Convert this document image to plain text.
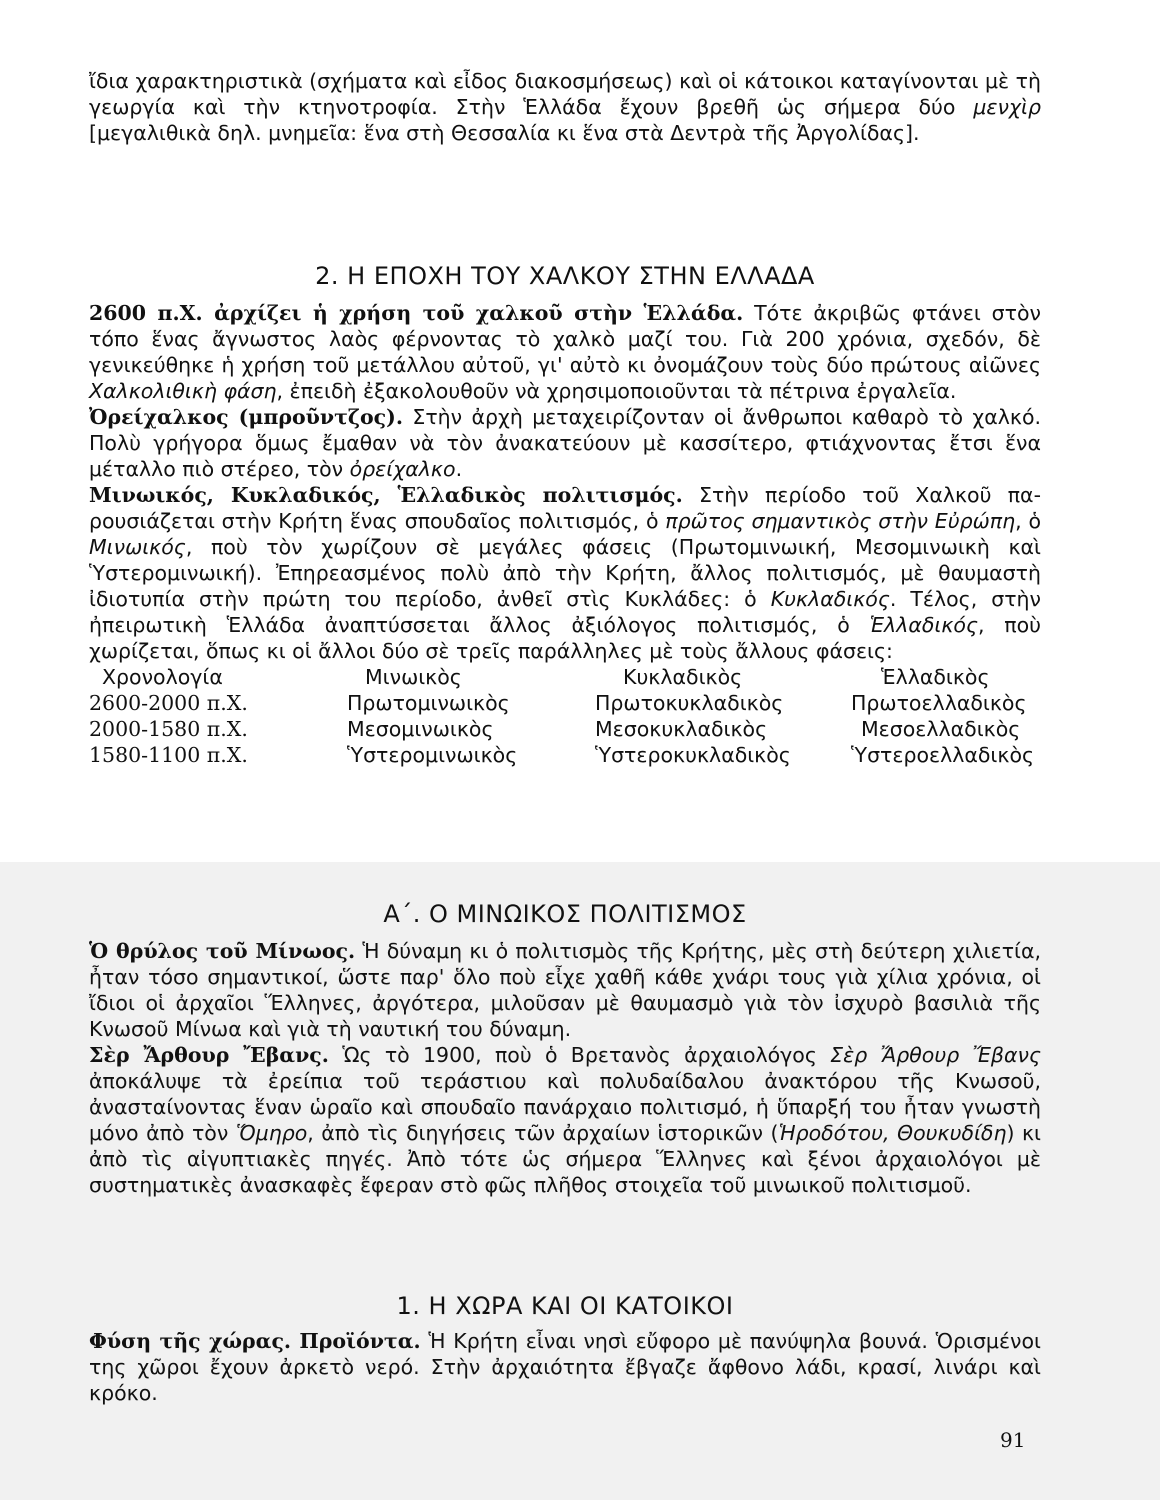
ἴδια χαρακτηριστικὰ (σχήματα καὶ εἶδος διακοσμήσεως) καὶ οἱ κάτοικοι καταγίνονται μὲ τὴ γεωργία καὶ τὴν κτηνοτροφία. Στὴν Ἑλλάδα ἔχουν βρεθῆ ὡς σήμερα δύο μενχὶρ [μεγαλιθικὰ δηλ. μνημεῖα: ἕνα στὴ Θεσσαλία κι ἕνα στὰ Δεντρὰ τῆς Ἀργολίδας].

2. Η ΕΠΟΧΗ ΤΟΥ ΧΑΛΚΟΥ ΣΤΗΝ ΕΛΛΑΔΑ

2600 π.Χ. ἀρχίζει ἡ χρήση τοῦ χαλκοῦ στὴν Ἑλλάδα. Τότε ἀκριβῶς φτάνει στὸν τόπο ἕνας ἄγνωστος λαὸς φέρνοντας τὸ χαλκὸ μαζί του. Γιὰ 200 χρόνια, σχεδόν, δὲ γενικεύθηκε ἡ χρήση τοῦ μετάλλου αὐτοῦ, γι' αὐτὸ κι ὀνομάζουν τοὺς δύο πρώτους αἰῶνες Χαλκολιθικὴ φάση, ἐπειδὴ ἐξακολουθοῦν νὰ χρησιμοποιοῦνται τὰ πέτρινα ἐργαλεῖα.

Ὀρείχαλκος (μπροῦντζος). Στὴν ἀρχὴ μεταχειρίζονταν οἱ ἄνθρωποι καθαρὸ τὸ χαλκό. Πολὺ γρήγορα ὅμως ἔμαθαν νὰ τὸν ἀνακατεύουν μὲ κασσίτερο, φτιάχνοντας ἔτσι ἕνα μέταλλο πιὸ στέρεο, τὸν ὀρείχαλκο.

Μινωικός, Κυκλαδικός, Ἑλλαδικὸς πολιτισμός. Στὴν περίοδο τοῦ Χαλκοῦ παρουσιάζεται στὴν Κρήτη ἕνας σπουδαῖος πολιτισμός, ὁ πρῶτος σημαντικὸς στὴν Εὐρώπη, ὁ Μινωικός, ποὺ τὸν χωρίζουν σὲ μεγάλες φάσεις (Πρωτομινωική, Μεσομινωικὴ καὶ Ὑστερομινωική). Ἐπηρεασμένος πολὺ ἀπὸ τὴν Κρήτη, ἄλλος πολιτισμός, μὲ θαυμαστὴ ἰδιοτυπία στὴν πρώτη του περίοδο, ἀνθεῖ στὶς Κυκλάδες: ὁ Κυκλαδικός. Τέλος, στὴν ἠπειρωτικὴ Ἑλλάδα ἀναπτύσσεται ἄλλος ἀξιόλογος πολιτισμός, ὁ Ἑλλαδικός, ποὺ χωρίζεται, ὅπως κι οἱ ἄλλοι δύο σὲ τρεῖς παράλληλες μὲ τοὺς ἄλλους φάσεις:

Χρονολογία	Μινωικὸς	Κυκλαδικὸς	Ἑλλαδικὸς
2600-2000 π.Χ.	Πρωτομινωικὸς	Πρωτοκυκλαδικὸς	Πρωτοελλαδικὸς
2000-1580 π.Χ.	Μεσομινωικὸς	Μεσοκυκλαδικὸς	Μεσοελλαδικὸς
1580-1100 π.Χ.	Ὑστερομινωικὸς	Ὑστεροκυκλαδικὸς	Ὑστεροελλαδικὸς
Α΄. Ο ΜΙΝΩΙΚΟΣ ΠΟΛΙΤΙΣΜΟΣ

Ὁ θρύλος τοῦ Μίνωος. Ἡ δύναμη κι ὁ πολιτισμὸς τῆς Κρήτης, μὲς στὴ δεύτερη χιλιετία, ἦταν τόσο σημαντικοί, ὥστε παρ' ὅλο ποὺ εἶχε χαθῆ κάθε χνάρι τους γιὰ χίλια χρόνια, οἱ ἴδιοι οἱ ἀρχαῖοι Ἕλληνες, ἀργότερα, μιλοῦσαν μὲ θαυμασμὸ γιὰ τὸν ἰσχυρὸ βασιλιὰ τῆς Κνωσοῦ Μίνωα καὶ γιὰ τὴ ναυτική του δύναμη.

Σὲρ Ἄρθουρ Ἔβανς. Ὡς τὸ 1900, ποὺ ὁ Βρετανὸς ἀρχαιολόγος Σὲρ Ἄρθουρ Ἔβανς ἀποκάλυψε τὰ ἐρείπια τοῦ τεράστιου καὶ πολυδαίδαλου ἀνακτόρου τῆς Κνωσοῦ, ἀνασταίνοντας ἕναν ὡραῖο καὶ σπουδαῖο πανάρχαιο πολιτισμό, ἡ ὕπαρξή του ἦταν γνωστὴ μόνο ἀπὸ τὸν Ὅμηρο, ἀπὸ τὶς διηγήσεις τῶν ἀρχαίων ἱστορικῶν (Ἡροδότου, Θουκυδίδη) κι ἀπὸ τὶς αἰγυπτιακὲς πηγές. Ἀπὸ τότε ὡς σήμερα Ἕλληνες καὶ ξένοι ἀρχαιολόγοι μὲ συστηματικὲς ἀνασκαφὲς ἔφεραν στὸ φῶς πλῆθος στοιχεῖα τοῦ μινωικοῦ πολιτισμοῦ.

1. Η ΧΩΡΑ ΚΑΙ ΟΙ ΚΑΤΟΙΚΟΙ

Φύση τῆς χώρας. Προϊόντα. Ἡ Κρήτη εἶναι νησὶ εὔφορο μὲ πανύψηλα βουνά. Ὁρισμένοι της χῶροι ἔχουν ἀρκετὸ νερό. Στὴν ἀρχαιότητα ἔβγαζε ἄφθονο λάδι, κρασί, λινάρι καὶ κρόκο.

91
